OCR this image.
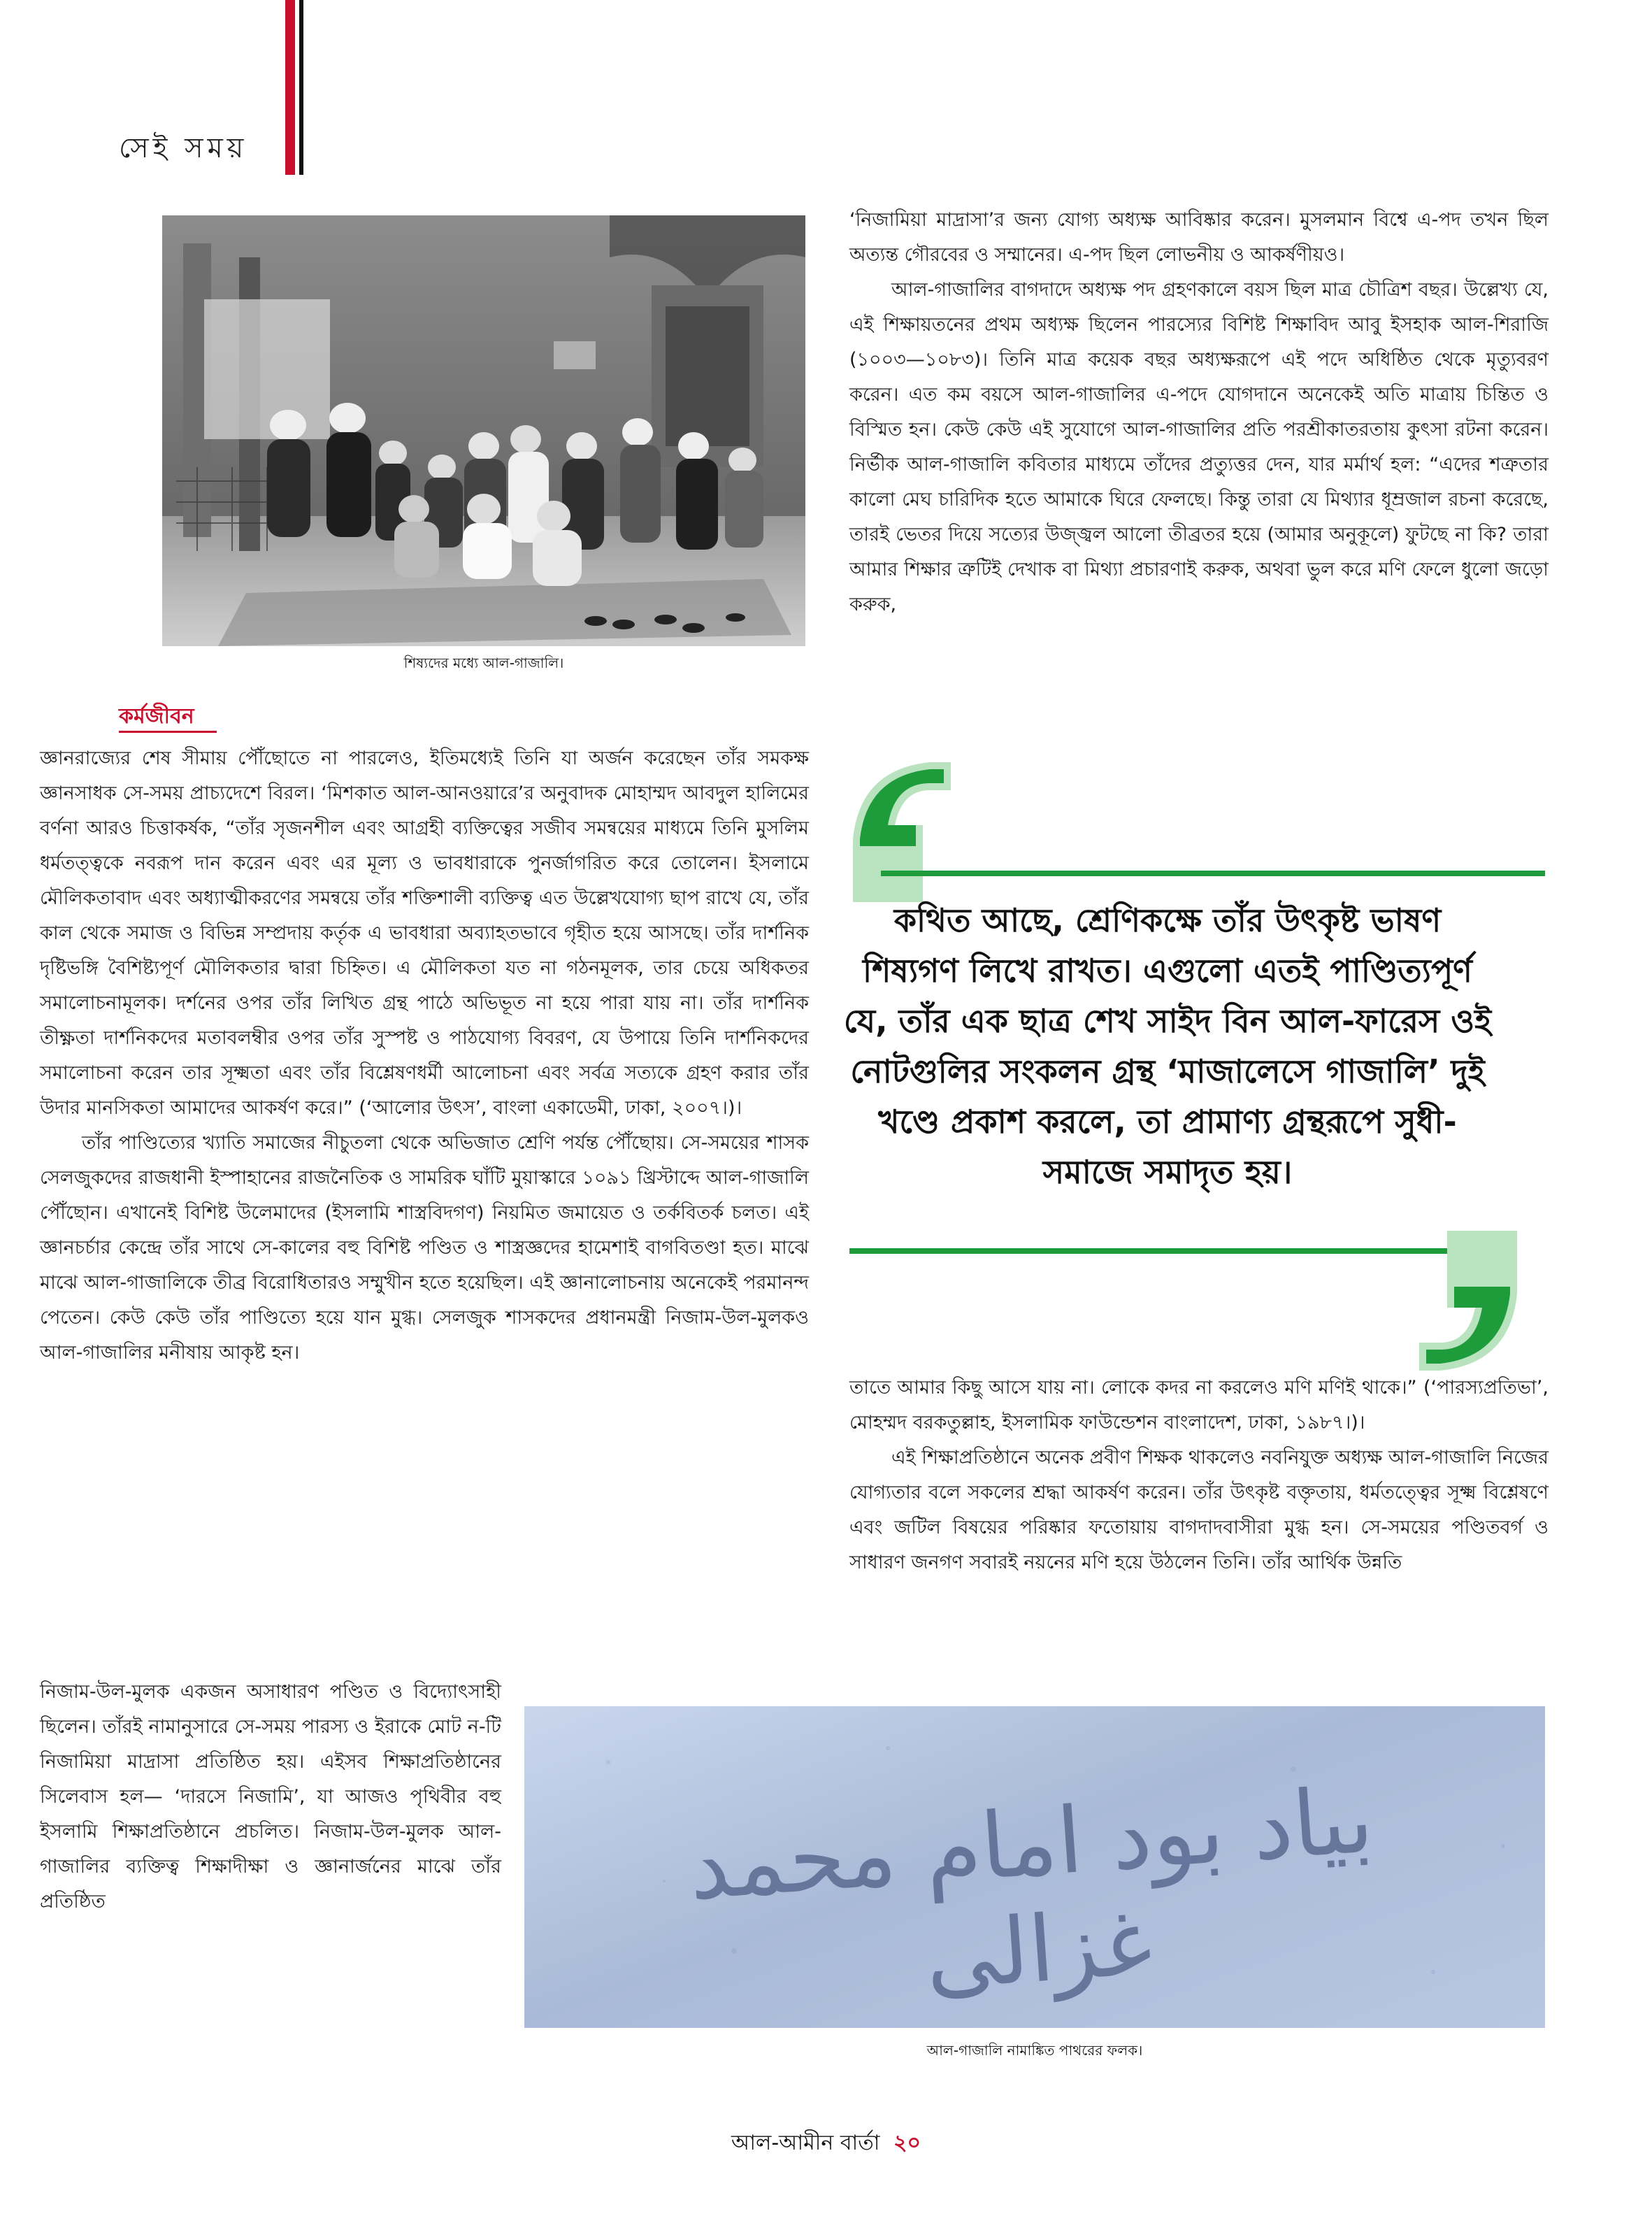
সেই সময়
শিষ্যদের মধ্যে আল-গাজালি।
কর্মজীবন

জ্ঞানরাজ্যের শেষ সীমায় পৌঁছোতে না পারলেও, ইতিমধ্যেই তিনি যা অর্জন করেছেন তাঁর সমকক্ষ জ্ঞানসাধক সে-সময় প্রাচ্যদেশে বিরল। ‘মিশকাত আল-আনওয়ারে’র অনুবাদক মোহাম্মদ আবদুল হালিমের বর্ণনা আরও চিত্তাকর্ষক, “তাঁর সৃজনশীল এবং আগ্রহী ব্যক্তিত্বের সজীব সমন্বয়ের মাধ্যমে তিনি মুসলিম ধর্মতত্ত্বকে নবরূপ দান করেন এবং এর মূল্য ও ভাবধারাকে পুনর্জাগরিত করে তোলেন। ইসলামে মৌলিকতাবাদ এবং অধ্যাত্মীকরণের সমন্বয়ে তাঁর শক্তিশালী ব্যক্তিত্ব এত উল্লেখযোগ্য ছাপ রাখে যে, তাঁর কাল থেকে সমাজ ও বিভিন্ন সম্প্রদায় কর্তৃক এ ভাবধারা অব্যাহতভাবে গৃহীত হয়ে আসছে। তাঁর দার্শনিক দৃষ্টিভঙ্গি বৈশিষ্ট্যপূর্ণ মৌলিকতার দ্বারা চিহ্নিত। এ মৌলিকতা যত না গঠনমূলক, তার চেয়ে অধিকতর সমালোচনামূলক। দর্শনের ওপর তাঁর লিখিত গ্রন্থ পাঠে অভিভূত না হয়ে পারা যায় না। তাঁর দার্শনিক তীক্ষ্ণতা দার্শনিকদের মতাবলম্বীর ওপর তাঁর সুস্পষ্ট ও পাঠযোগ্য বিবরণ, যে উপায়ে তিনি দার্শনিকদের সমালোচনা করেন তার সূক্ষ্মতা এবং তাঁর বিশ্লেষণধর্মী আলোচনা এবং সর্বত্র সত্যকে গ্রহণ করার তাঁর উদার মানসিকতা আমাদের আকর্ষণ করে।” (‘আলোর উৎস’, বাংলা একাডেমী, ঢাকা, ২০০৭।)।

তাঁর পাণ্ডিত্যের খ্যাতি সমাজের নীচুতলা থেকে অভিজাত শ্রেণি পর্যন্ত পৌঁছোয়। সে-সময়ের শাসক সেলজুকদের রাজধানী ইস্পাহানের রাজনৈতিক ও সামরিক ঘাঁটি মুয়াস্কারে ১০৯১ খ্রিস্টাব্দে আল-গাজালি পৌঁছোন। এখানেই বিশিষ্ট উলেমাদের (ইসলামি শাস্ত্রবিদগণ) নিয়মিত জমায়েত ও তর্কবিতর্ক চলত। এই জ্ঞানচর্চার কেন্দ্রে তাঁর সাথে সে-কালের বহু বিশিষ্ট পণ্ডিত ও শাস্ত্রজ্ঞদের হামেশাই বাগবিতণ্ডা হত। মাঝে মাঝে আল-গাজালিকে তীব্র বিরোধিতারও সম্মুখীন হতে হয়েছিল। এই জ্ঞানালোচনায় অনেকেই পরমানন্দ পেতেন। কেউ কেউ তাঁর পাণ্ডিত্যে হয়ে যান মুগ্ধ। সেলজুক শাসকদের প্রধানমন্ত্রী নিজাম-উল-মুলকও আল-গাজালির মনীষায় আকৃষ্ট হন।

নিজাম-উল-মুলক একজন অসাধারণ পণ্ডিত ও বিদ্যোৎসাহী ছিলেন। তাঁরই নামানুসারে সে-সময় পারস্য ও ইরাকে মোট ন-টি নিজামিয়া মাদ্রাসা প্রতিষ্ঠিত হয়। এইসব শিক্ষাপ্রতিষ্ঠানের সিলেবাস হল— ‘দারসে নিজামি’, যা আজও পৃথিবীর বহু ইসলামি শিক্ষাপ্রতিষ্ঠানে প্রচলিত। নিজাম-উল-মুলক আল-গাজালির ব্যক্তিত্ব শিক্ষাদীক্ষা ও জ্ঞানার্জনের মাঝে তাঁর প্রতিষ্ঠিত

‘নিজামিয়া মাদ্রাসা’র জন্য যোগ্য অধ্যক্ষ আবিষ্কার করেন। মুসলমান বিশ্বে এ-পদ তখন ছিল অত্যন্ত গৌরবের ও সম্মানের। এ-পদ ছিল লোভনীয় ও আকর্ষণীয়ও।

আল-গাজালির বাগদাদে অধ্যক্ষ পদ গ্রহণকালে বয়স ছিল মাত্র চৌত্রিশ বছর। উল্লেখ্য যে, এই শিক্ষায়তনের প্রথম অধ্যক্ষ ছিলেন পারস্যের বিশিষ্ট শিক্ষাবিদ আবু ইসহাক আল-শিরাজি (১০০৩—১০৮৩)। তিনি মাত্র কয়েক বছর অধ্যক্ষরূপে এই পদে অধিষ্ঠিত থেকে মৃত্যুবরণ করেন। এত কম বয়সে আল-গাজালির এ-পদে যোগদানে অনেকেই অতি মাত্রায় চিন্তিত ও বিস্মিত হন। কেউ কেউ এই সুযোগে আল-গাজালির প্রতি পরশ্রীকাতরতায় কুৎসা রটনা করেন। নির্ভীক আল-গাজালি কবিতার মাধ্যমে তাঁদের প্রত্যুত্তর দেন, যার মর্মার্থ হল: “এদের শত্রুতার কালো মেঘ চারিদিক হতে আমাকে ঘিরে ফেলছে। কিন্তু তারা যে মিথ্যার ধূম্রজাল রচনা করেছে, তারই ভেতর দিয়ে সত্যের উজ্জ্বল আলো তীব্রতর হয়ে (আমার অনুকূলে) ফুটছে না কি? তারা আমার শিক্ষার ত্রুটিই দেখাক বা মিথ্যা প্রচারণাই করুক, অথবা ভুল করে মণি ফেলে ধুলো জড়ো করুক,

কথিত আছে, শ্রেণিকক্ষে তাঁর উৎকৃষ্ট ভাষণ শিষ্যগণ লিখে রাখত। এগুলো এতই পাণ্ডিত্যপূর্ণ যে, তাঁর এক ছাত্র শেখ সাইদ বিন আল-ফারেস ওই নোটগুলির সংকলন গ্রন্থ ‘মাজালেসে গাজালি’ দুই খণ্ডে প্রকাশ করলে, তা প্রামাণ্য গ্রন্থরূপে সুধী-সমাজে সমাদৃত হয়।

তাতে আমার কিছু আসে যায় না। লোকে কদর না করলেও মণি মণিই থাকে।” (‘পারস্যপ্রতিভা’, মোহম্মদ বরকতুল্লাহ, ইসলামিক ফাউন্ডেশন বাংলাদেশ, ঢাকা, ১৯৮৭।)।

এই শিক্ষাপ্রতিষ্ঠানে অনেক প্রবীণ শিক্ষক থাকলেও নবনিযুক্ত অধ্যক্ষ আল-গাজালি নিজের যোগ্যতার বলে সকলের শ্রদ্ধা আকর্ষণ করেন। তাঁর উৎকৃষ্ট বক্তৃতায়, ধর্মতত্ত্বের সূক্ষ্ম বিশ্লেষণে এবং জটিল বিষয়ের পরিষ্কার ফতোয়ায় বাগদাদবাসীরা মুগ্ধ হন। সে-সময়ের পণ্ডিতবর্গ ও সাধারণ জনগণ সবারই নয়নের মণি হয়ে উঠলেন তিনি। তাঁর আর্থিক উন্নতি

بیاد بود امام محمد غزالی
আল-গাজালি নামাঙ্কিত পাথরের ফলক।
আল-আমীন বার্তা ২০
